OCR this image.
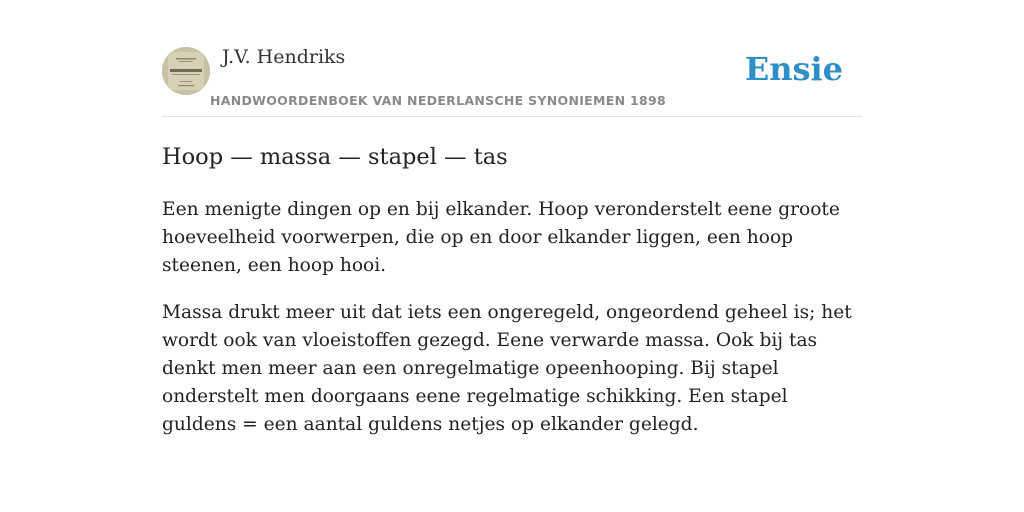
J.V. Hendriks
HANDWOORDENBOEK VAN NEDERLANSCHE SYNONIEMEN 1898
Ensie
Hoop — massa — stapel — tas

Een menigte dingen op en bij elkander. Hoop veronderstelt eene groote hoeveelheid voorwerpen, die op en door elkander liggen, een hoop steenen, een hoop hooi.

Massa drukt meer uit dat iets een ongeregeld, ongeordend geheel is; het wordt ook van vloeistoffen gezegd. Eene verwarde massa. Ook bij tas denkt men meer aan een onregelmatige opeenhooping. Bij stapel onderstelt men doorgaans eene regelmatige schikking. Een stapel guldens = een aantal guldens netjes op elkander gelegd.
